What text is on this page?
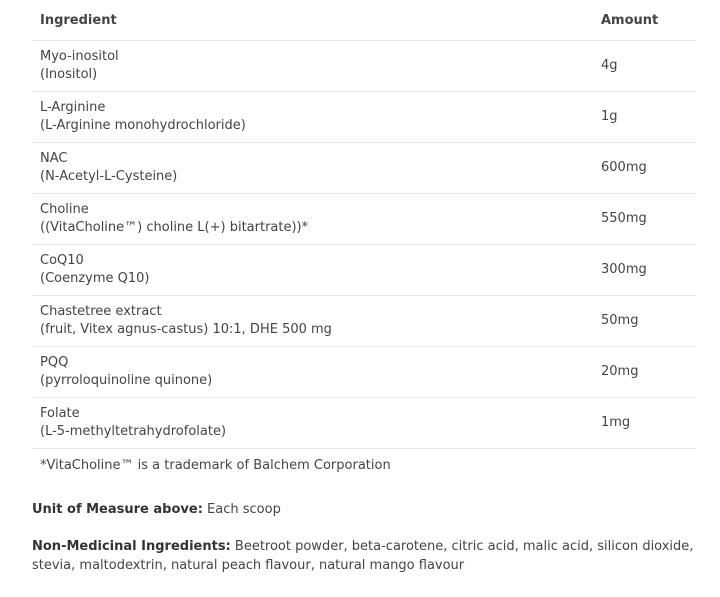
Ingredient	Amount

Myo-inositol
(Inositol)	4g

L-Arginine
(L-Arginine monohydrochloride)	1g

NAC
(N-Acetyl-L-Cysteine)	600mg

Choline
((VitaCholine™) choline L(+) bitartrate))*	550mg

CoQ10
(Coenzyme Q10)	300mg

Chastetree extract
(fruit, Vitex agnus-castus) 10:1, DHE 500 mg	50mg

PQQ
(pyrroloquinoline quinone)	20mg

Folate
(L-5-methyltetrahydrofolate)	1mg
*VitaCholine™ is a trademark of Balchem Corporation
Unit of Measure above: Each scoop
Non-Medicinal Ingredients: Beetroot powder, beta-carotene, citric acid, malic acid, silicon dioxide, stevia, maltodextrin, natural peach flavour, natural mango flavour
